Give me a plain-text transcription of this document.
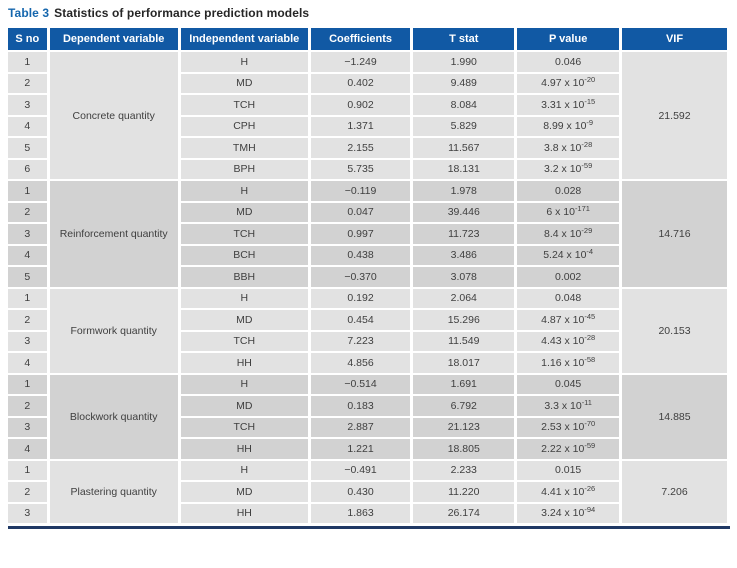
Table 3 Statistics of performance prediction models
S no	Dependent variable	Independent variable	Coefficients	T stat	P value	VIF
1	Concrete quantity	H	−1.249	1.990	0.046	21.592
2		MD	0.402	9.489	4.97 x $10^{-20}$
3		TCH	0.902	8.084	3.31 x $10^{-15}$
4		CPH	1.371	5.829	8.99 x $10^{-9}$
5		TMH	2.155	11.567	3.8 x $10^{-28}$
6		BPH	5.735	18.131	3.2 x $10^{-59}$
1	Reinforcement quantity	H	−0.119	1.978	0.028	14.716
2		MD	0.047	39.446	6 x $10^{-171}$
3		TCH	0.997	11.723	8.4 x $10^{-29}$
4		BCH	0.438	3.486	5.24 x $10^{-4}$
5		BBH	−0.370	3.078	0.002	
1	Formwork quantity	H	0.192	2.064	0.048	20.153
2		MD	0.454	15.296	4.87 x $10^{-45}$
3		TCH	7.223	11.549	4.43 x $10^{-28}$
4		HH	4.856	18.017	1.16 x $10^{-58}$
1	Blockwork quantity	H	−0.514	1.691	0.045	14.885
2		MD	0.183	6.792	3.3 x $10^{-11}$
3		TCH	2.887	21.123	2.53 x $10^{-70}$
4		HH	1.221	18.805	2.22 x $10^{-59}$
1	Plastering quantity	H	−0.491	2.233	0.015	7.206
2		MD	0.430	11.220	4.41 x $10^{-26}$
3		HH	1.863	26.174	3.24 x $10^{-94}$
